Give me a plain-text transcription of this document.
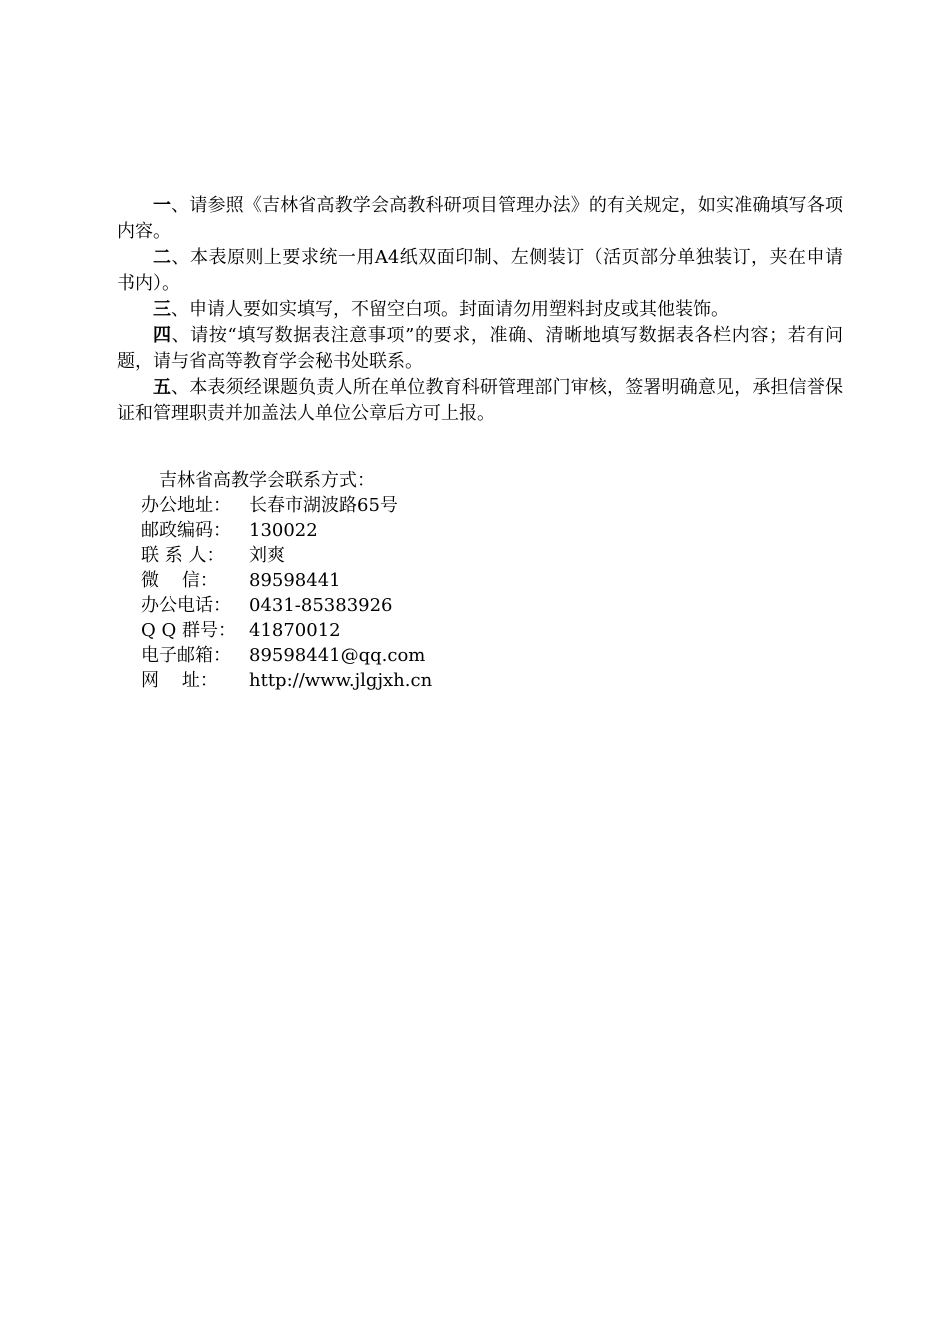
一、请参照《吉林省高教学会高教科研项目管理办法》的有关规定，如实准确填写各项内容。

二、本表原则上要求统一用A4纸双面印制、左侧装订（活页部分单独装订，夹在申请书内）。

三、申请人要如实填写，不留空白项。封面请勿用塑料封皮或其他装饰。

四、请按“填写数据表注意事项”的要求，准确、清晰地填写数据表各栏内容；若有问题，请与省高等教育学会秘书处联系。

五、本表须经课题负责人所在单位教育科研管理部门审核，签署明确意见，承担信誉保证和管理职责并加盖法人单位公章后方可上报。

吉林省高教学会联系方式：

办公地址： 长春市湖波路65号

邮政编码： 130022

联 系 人： 刘爽

微    信： 89598441

办公电话： 0431-85383926

Q Q 群号： 41870012

电子邮箱： 89598441@qq.com

网    址： http://www.jlgjxh.cn
